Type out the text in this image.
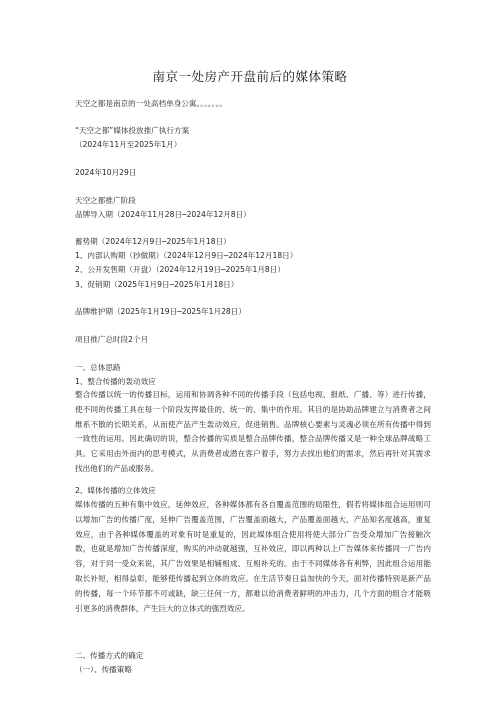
南京一处房产开盘前后的媒体策略
天空之都是南京的一处高档单身公寓。。。。。。。
“天空之都”媒体投放推广执行方案
（2024年11月至2025年1月）
2024年10月29日
天空之都推广阶段
品牌导入期（2024年11月28日─2024年12月8日）
蓄势期（2024年12月9日─2025年1月18日）
1、内部认购期（抄做期）（2024年12月9日─2024年12月18日）
2、公开发售期（开盘）（2024年12月19日─2025年1月8日）
3、促销期（2025年1月9日─2025年1月18日）
品牌维护期（2025年1月19日─2025年1月28日）
项目推广总时段2个月
一、总体思路
1、整合传播的轰动效应
整合传播以统一的传播目标，运用和协调各种不同的传播手段（包括电视、报纸、广播、等）进行传播，使不同的传播工具在每一个阶段发挥最佳的、统一的、集中的作用。其目的是协助品牌建立与消费者之间维系不散的长期关系，从而使产品产生轰动效应，促进销售。品牌核心要素与灵魂必须在所有传播中得到一致性的运用。因此确切的说，整合传播的实质是整合品牌传播，整合品牌传播又是一种全球品牌战略工具。它采用由外而内的思考模式，从消费者或潜在客户着手，努力去找出他们的需求，然后再针对其需求找出他们的产品或服务。
2、媒体传播的立体效应
媒体传播的五种有集中效应，延伸效应，各种媒体都有各自覆盖范围的局限性，假若将媒体组合运用则可以增加广告的传播广度，延伸广告覆盖范围，广告覆盖面越大，产品覆盖面越大，产品知名度越高，重复效应，由于各种媒体覆盖的对象有时是重复的，因此媒体组合使用将使大部分广告受众增加广告接触次数，也就是增加广告传播深度，购买的冲动就越强，互补效应，即以两种以上广告媒体来传播同一广告内容，对于同一受众来说，其广告效果是相辅相成、互相补充的。由于不同媒体各有利弊，因此组合运用能取长补短，相得益彰，能够使传播起到立体的效应。在生活节奏日益加快的今天，面对传播特别是新产品的传播，每一个环节都不可或缺，缺三任何一方，都难以给消费者鲜明的冲击力，几个方面的组合才能吸引更多的消费群体，产生巨大的立体式的强烈效应。
二、传播方式的确定
（一）、传播策略
